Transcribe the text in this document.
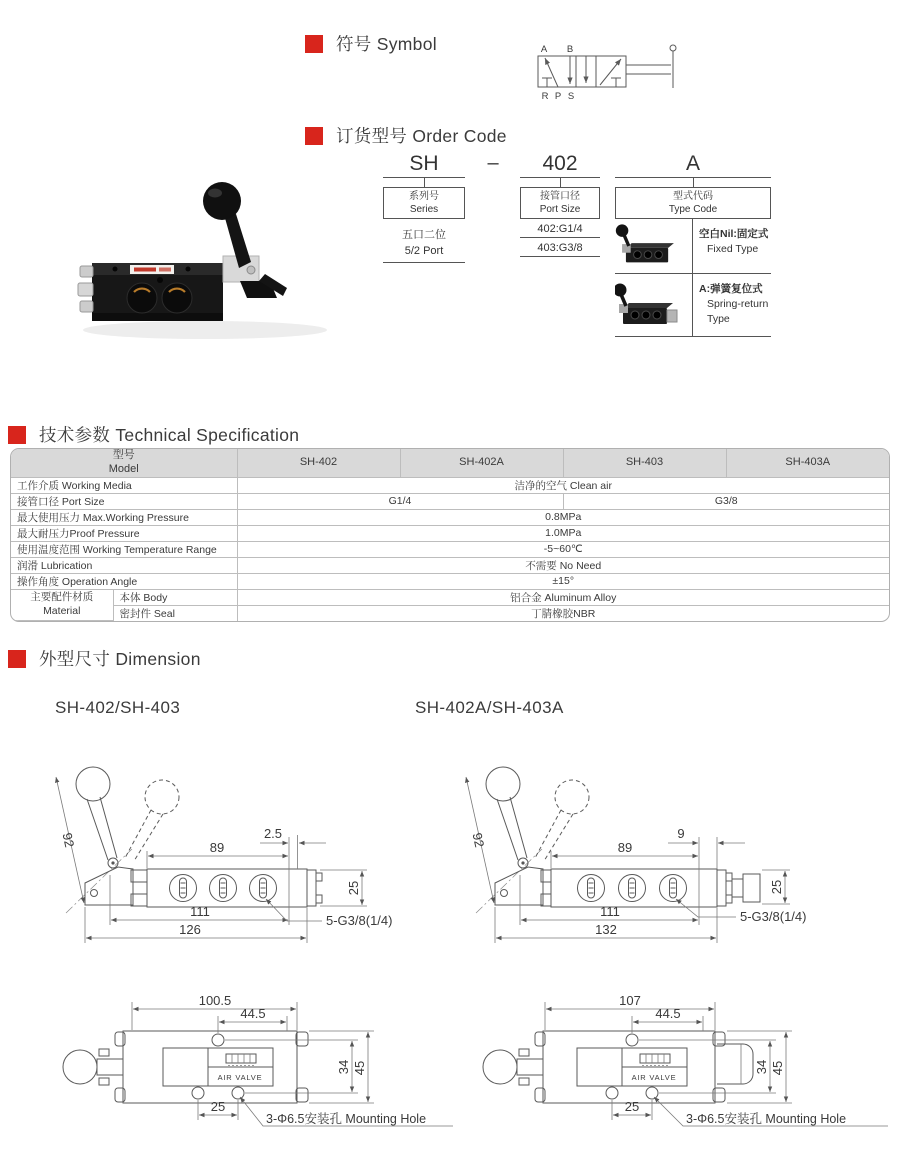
符号 Symbol	A B
R P S
订货型号 Order Code
SH
系列号
Series
五口二位
5/2 Port
–	402
接管口径
Port Size
402:G1/4
403:G3/8
A
型式代码
Type Code
空白Nil:固定式
Fixed Type
A:弹簧复位式
Spring-return
Type
技术参数 Technical Specification
型号
Model		SH-402	SH-402A	SH-403	SH-403A
工作介质 Working Media		洁净的空气 Clean air			
接管口径 Port Size		G1/4		G3/8	
最大使用压力 Max.Working Pressure		0.8MPa			
最大耐压力Proof Pressure		1.0MPa			
使用温度范围 Working Temperature Range		-5~60℃			
润滑 Lubrication		不需要 No Need			
操作角度 Operation Angle		±15°			

主要配件材质
Material	本体 Body	铝合金 Aluminum Alloy			
	密封件 Seal	丁腈橡胶NBR			
外型尺寸 Dimension
SH-402/SH-403	SH-402A/SH-403A
89
2.5
25
111
126
92
5-G3/8(1/4)
89
9
25
111
132
92
5-G3/8(1/4)
AIR VALVE
100.5
44.5
34 45
25
3-Φ6.5安装孔 Mounting Hole
AIR VALVE
107
44.5
34 45
25
3-Φ6.5安装孔 Mounting Hole
